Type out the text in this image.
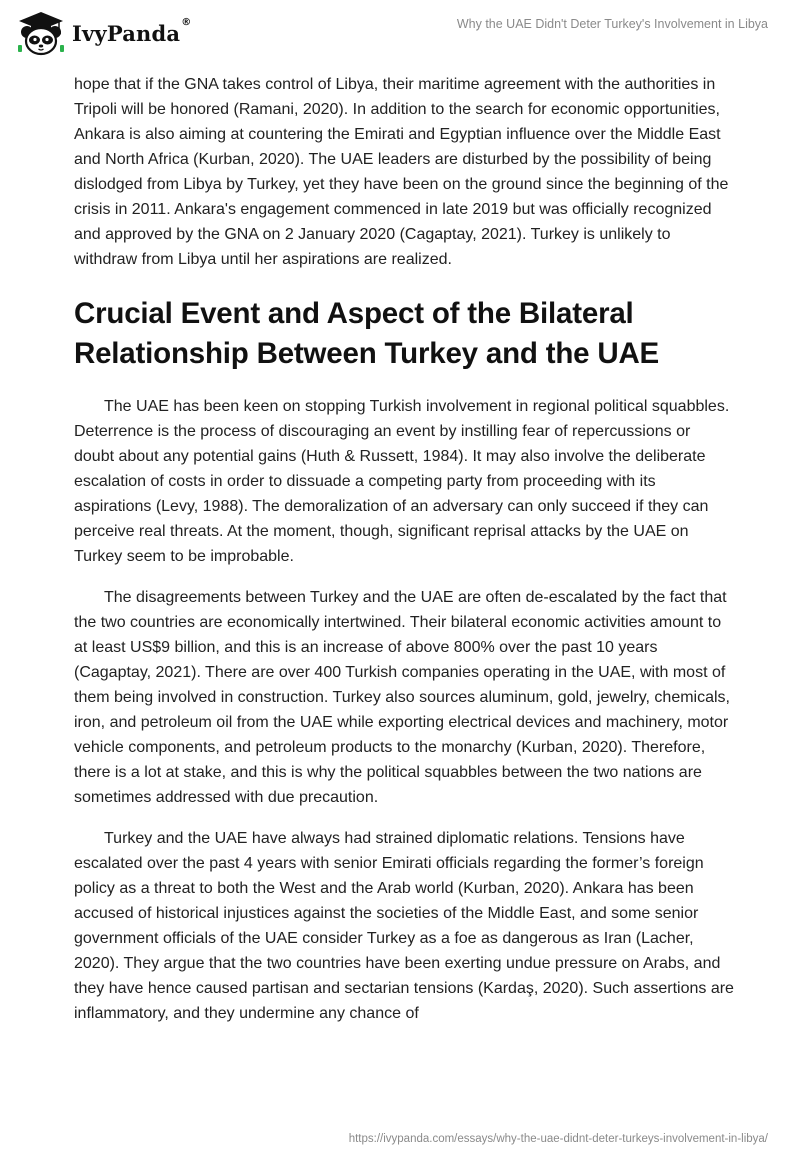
IvyPanda®	Why the UAE Didn't Deter Turkey's Involvement in Libya

hope that if the GNA takes control of Libya, their maritime agreement with the authorities in Tripoli will be honored (Ramani, 2020). In addition to the search for economic opportunities, Ankara is also aiming at countering the Emirati and Egyptian influence over the Middle East and North Africa (Kurban, 2020). The UAE leaders are disturbed by the possibility of being dislodged from Libya by Turkey, yet they have been on the ground since the beginning of the crisis in 2011. Ankara's engagement commenced in late 2019 but was officially recognized and approved by the GNA on 2 January 2020 (Cagaptay, 2021). Turkey is unlikely to withdraw from Libya until her aspirations are realized.

Crucial Event and Aspect of the Bilateral Relationship Between Turkey and the UAE

The UAE has been keen on stopping Turkish involvement in regional political squabbles. Deterrence is the process of discouraging an event by instilling fear of repercussions or doubt about any potential gains (Huth & Russett, 1984). It may also involve the deliberate escalation of costs in order to dissuade a competing party from proceeding with its aspirations (Levy, 1988). The demoralization of an adversary can only succeed if they can perceive real threats. At the moment, though, significant reprisal attacks by the UAE on Turkey seem to be improbable.

The disagreements between Turkey and the UAE are often de-escalated by the fact that the two countries are economically intertwined. Their bilateral economic activities amount to at least US$9 billion, and this is an increase of above 800% over the past 10 years (Cagaptay, 2021). There are over 400 Turkish companies operating in the UAE, with most of them being involved in construction. Turkey also sources aluminum, gold, jewelry, chemicals, iron, and petroleum oil from the UAE while exporting electrical devices and machinery, motor vehicle components, and petroleum products to the monarchy (Kurban, 2020). Therefore, there is a lot at stake, and this is why the political squabbles between the two nations are sometimes addressed with due precaution.

Turkey and the UAE have always had strained diplomatic relations. Tensions have escalated over the past 4 years with senior Emirati officials regarding the former’s foreign policy as a threat to both the West and the Arab world (Kurban, 2020). Ankara has been accused of historical injustices against the societies of the Middle East, and some senior government officials of the UAE consider Turkey as a foe as dangerous as Iran (Lacher, 2020). They argue that the two countries have been exerting undue pressure on Arabs, and they have hence caused partisan and sectarian tensions (Kardaş, 2020). Such assertions are inflammatory, and they undermine any chance of

https://ivypanda.com/essays/why-the-uae-didnt-deter-turkeys-involvement-in-libya/
